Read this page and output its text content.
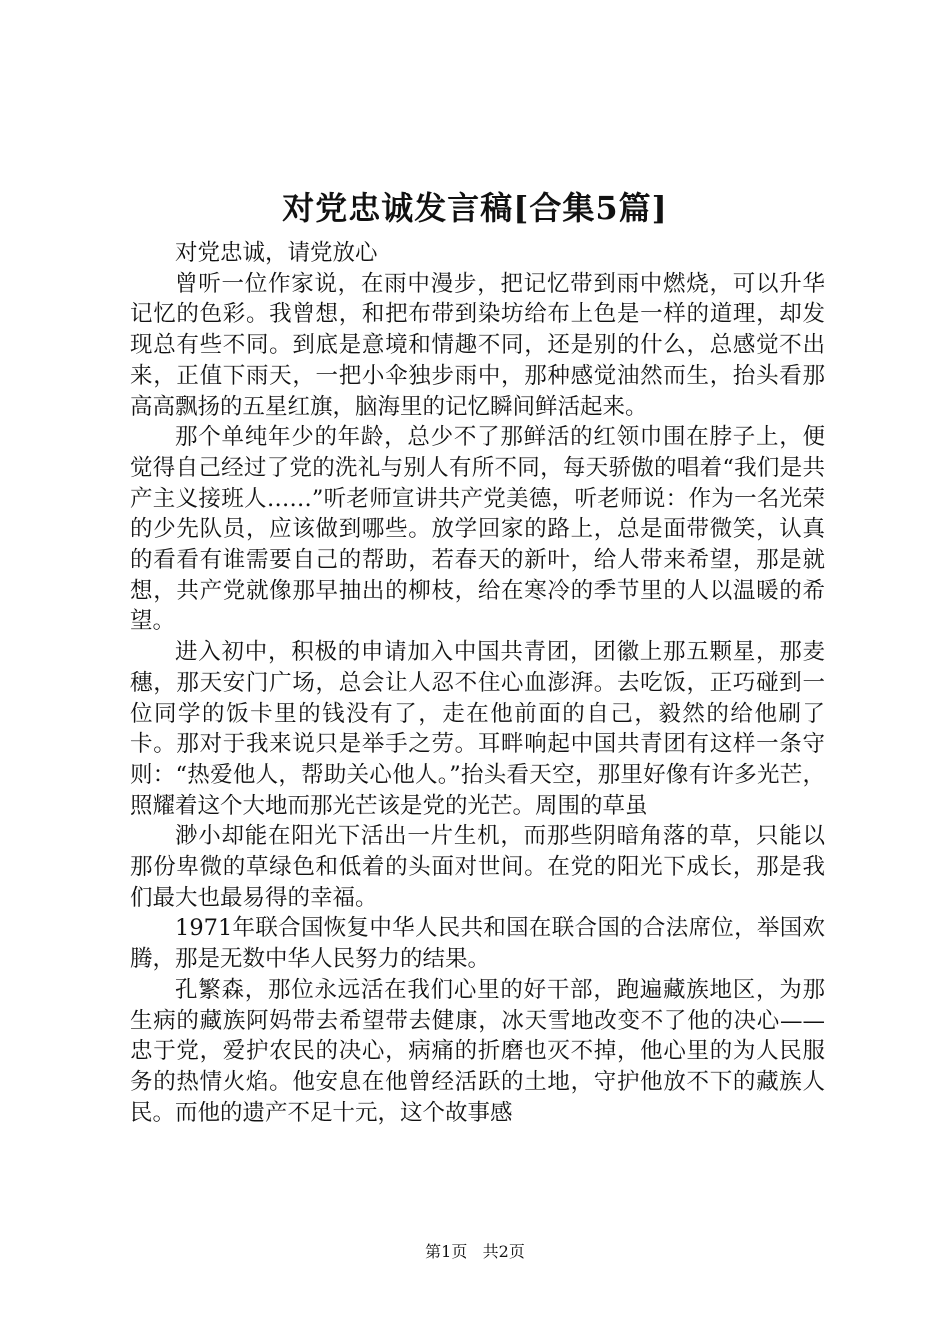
对党忠诚发言稿[合集5篇]

对党忠诚，请党放心

曾听一位作家说，在雨中漫步，把记忆带到雨中燃烧，可以升华记忆的色彩。我曾想，和把布带到染坊给布上色是一样的道理，却发现总有些不同。到底是意境和情趣不同，还是别的什么，总感觉不出来，正值下雨天，一把小伞独步雨中，那种感觉油然而生，抬头看那高高飘扬的五星红旗，脑海里的记忆瞬间鲜活起来。

那个单纯年少的年龄，总少不了那鲜活的红领巾围在脖子上，便觉得自己经过了党的洗礼与别人有所不同，每天骄傲的唱着“我们是共产主义接班人……”听老师宣讲共产党美德，听老师说：作为一名光荣的少先队员，应该做到哪些。放学回家的路上，总是面带微笑，认真的看看有谁需要自己的帮助，若春天的新叶，给人带来希望，那是就想，共产党就像那早抽出的柳枝，给在寒冷的季节里的人以温暖的希望。

进入初中，积极的申请加入中国共青团，团徽上那五颗星，那麦穗，那天安门广场，总会让人忍不住心血澎湃。去吃饭，正巧碰到一位同学的饭卡里的钱没有了，走在他前面的自己，毅然的给他刷了卡。那对于我来说只是举手之劳。耳畔响起中国共青团有这样一条守则：“热爱他人，帮助关心他人。”抬头看天空，那里好像有许多光芒，照耀着这个大地而那光芒该是党的光芒。周围的草虽

渺小却能在阳光下活出一片生机，而那些阴暗角落的草，只能以那份卑微的草绿色和低着的头面对世间。在党的阳光下成长，那是我们最大也最易得的幸福。

1971年联合国恢复中华人民共和国在联合国的合法席位，举国欢腾，那是无数中华人民努力的结果。

孔繁森，那位永远活在我们心里的好干部，跑遍藏族地区，为那生病的藏族阿妈带去希望带去健康，冰天雪地改变不了他的决心——忠于党，爱护农民的决心，病痛的折磨也灭不掉，他心里的为人民服务的热情火焰。他安息在他曾经活跃的土地，守护他放不下的藏族人民。而他的遗产不足十元，这个故事感

第1页 共2页
